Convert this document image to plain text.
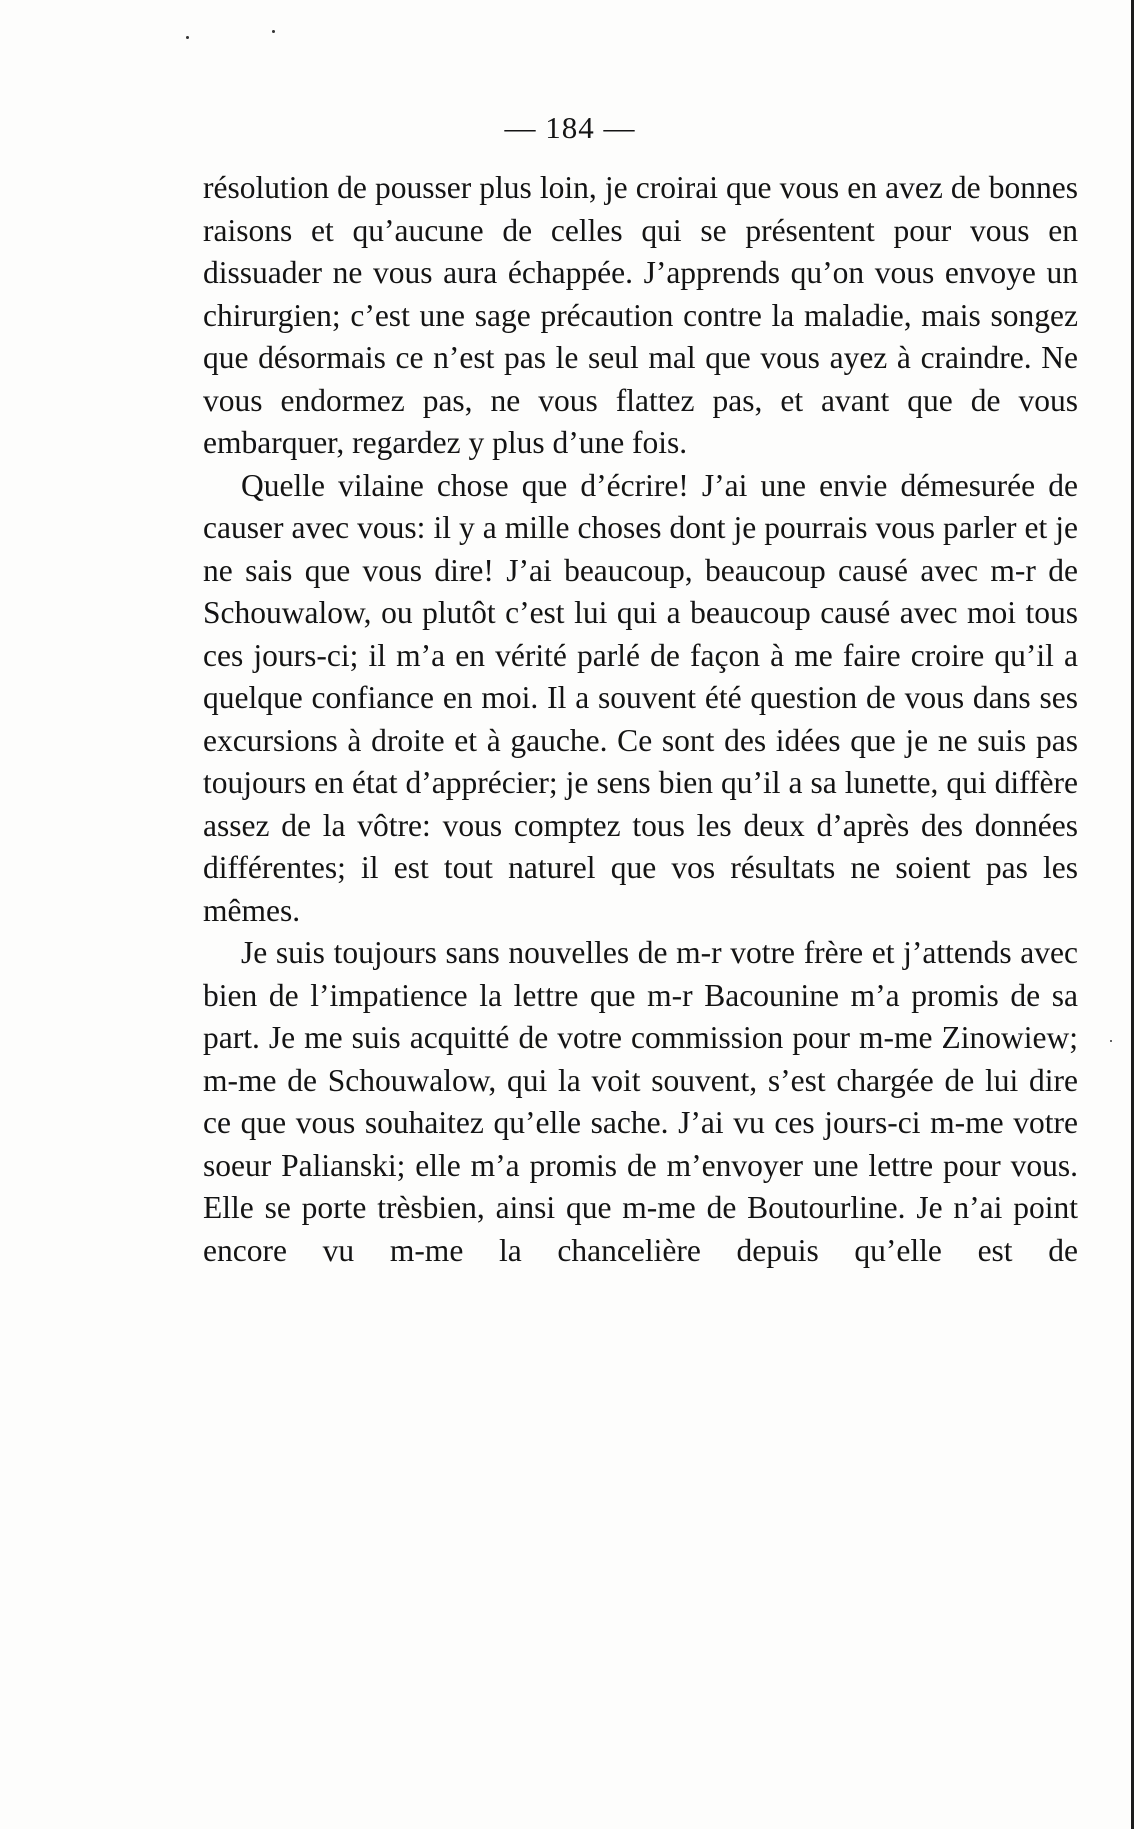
— 184 —

résolution de pousser plus loin, je croirai que vous en avez de bonnes raisons et qu’aucune de celles qui se présentent pour vous en dissuader ne vous aura échappée. J’apprends qu’on vous envoye un chirurgien; c’est une sage précaution contre la maladie, mais songez que désormais ce n’est pas le seul mal que vous ayez à craindre. Ne vous endormez pas, ne vous flattez pas, et avant que de vous embarquer, regardez y plus d’une fois.

Quelle vilaine chose que d’écrire! J’ai une envie démesurée de causer avec vous: il y a mille choses dont je pourrais vous parler et je ne sais que vous dire! J’ai beaucoup, beaucoup causé avec m-r de Schouwalow, ou plutôt c’est lui qui a beaucoup causé avec moi tous ces jours-ci; il m’a en vérité parlé de façon à me faire croire qu’il a quelque confiance en moi. Il a souvent été question de vous dans ses excursions à droite et à gauche. Ce sont des idées que je ne suis pas toujours en état d’apprécier; je sens bien qu’il a sa lunette, qui diffère assez de la vôtre: vous comptez tous les deux d’après des données différentes; il est tout naturel que vos résultats ne soient pas les mêmes.

Je suis toujours sans nouvelles de m-r votre frère et j’attends avec bien de l’impatience la lettre que m-r Bacounine m’a promis de sa part. Je me suis acquitté de votre commission pour m-me Zinowiew; m-me de Schouwalow, qui la voit souvent, s’est chargée de lui dire ce que vous souhaitez qu’elle sache. J’ai vu ces jours-ci m-me votre soeur Palianski; elle m’a promis de m’envoyer une lettre pour vous. Elle se porte trèsbien, ainsi que m-me de Boutourline. Je n’ai point encore vu m-me la chancelière depuis qu’elle est de
